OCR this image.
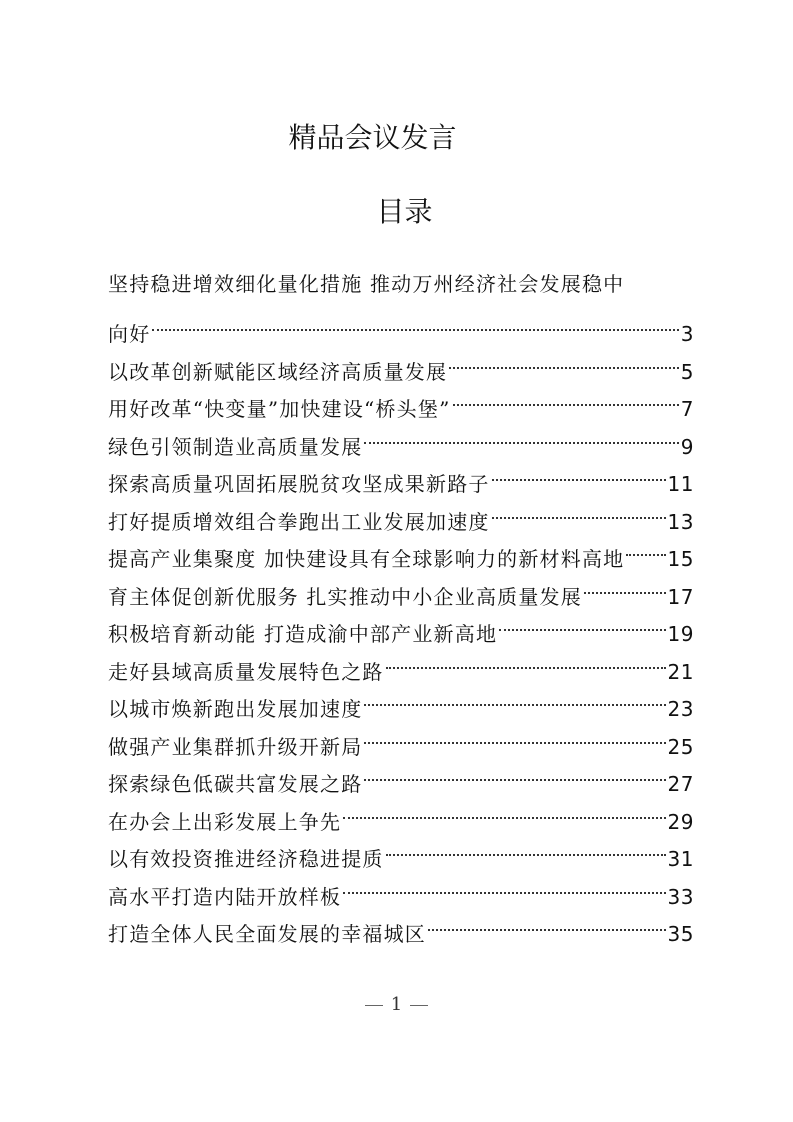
精品会议发言
目录
坚持稳进增效细化量化措施 推动万州经济社会发展稳中
向好	3
以改革创新赋能区域经济高质量发展	5
用好改革“快变量”加快建设“桥头堡”	7
绿色引领制造业高质量发展	9
探索高质量巩固拓展脱贫攻坚成果新路子	11
打好提质增效组合拳跑出工业发展加速度	13
提高产业集聚度 加快建设具有全球影响力的新材料高地 15
育主体促创新优服务 扎实推动中小企业高质量发展	17
积极培育新动能 打造成渝中部产业新高地	19
走好县域高质量发展特色之路	21
以城市焕新跑出发展加速度	23
做强产业集群抓升级开新局	25
探索绿色低碳共富发展之路	27
在办会上出彩发展上争先	29
以有效投资推进经济稳进提质	31
高水平打造内陆开放样板	33
打造全体人民全面发展的幸福城区	35
1
